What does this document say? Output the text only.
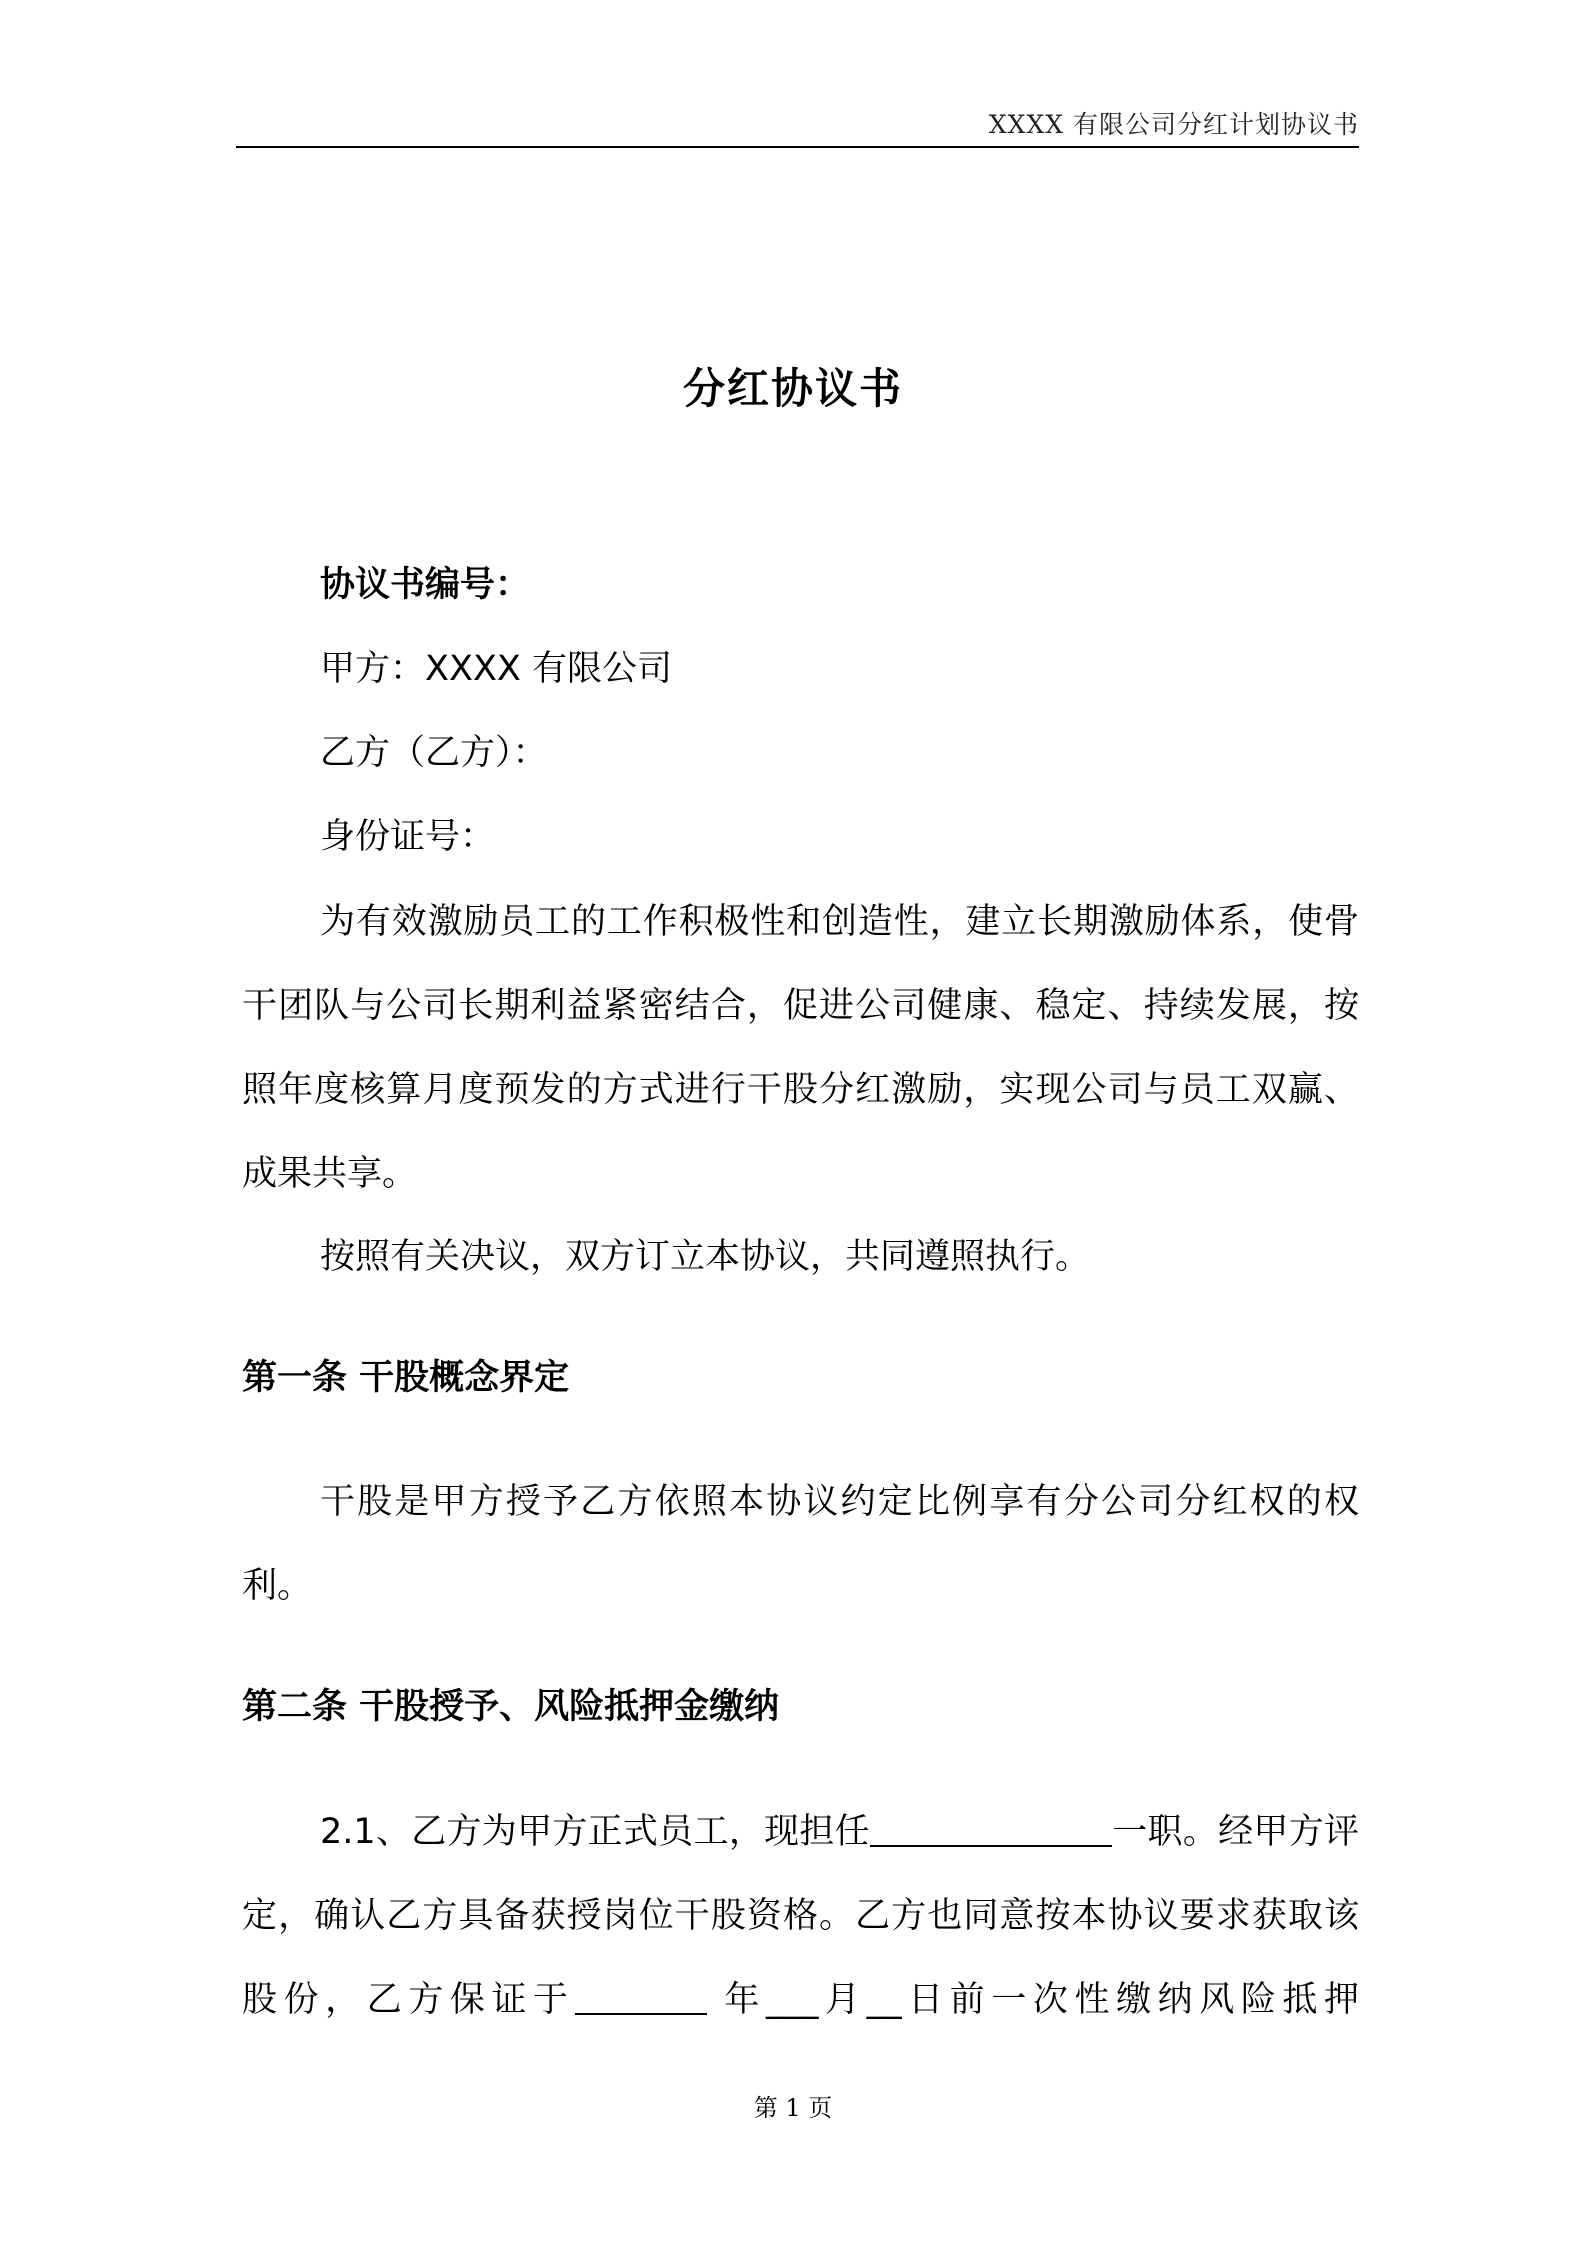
XXXX 有限公司分红计划协议书
分红协议书
协议书编号：
甲方：XXXX 有限公司
乙方（乙方）：
身份证号：
为有效激励员工的工作积极性和创造性，建立长期激励体系，使骨干团队与公司长期利益紧密结合，促进公司健康、稳定、持续发展，按照年度核算月度预发的方式进行干股分红激励，实现公司与员工双赢、成果共享。
按照有关决议，双方订立本协议，共同遵照执行。
第一条 干股概念界定
干股是甲方授予乙方依照本协议约定比例享有分公司分红权的权利。
第二条 干股授予、风险抵押金缴纳
2.1、乙方为甲方正式员工，现担任	一职。经甲方评定，确认乙方具备获授岗位干股资格。乙方也同意按本协议要求获取该股份，乙方保证于	年___月__日前一次性缴纳风险抵押
第 1 页
